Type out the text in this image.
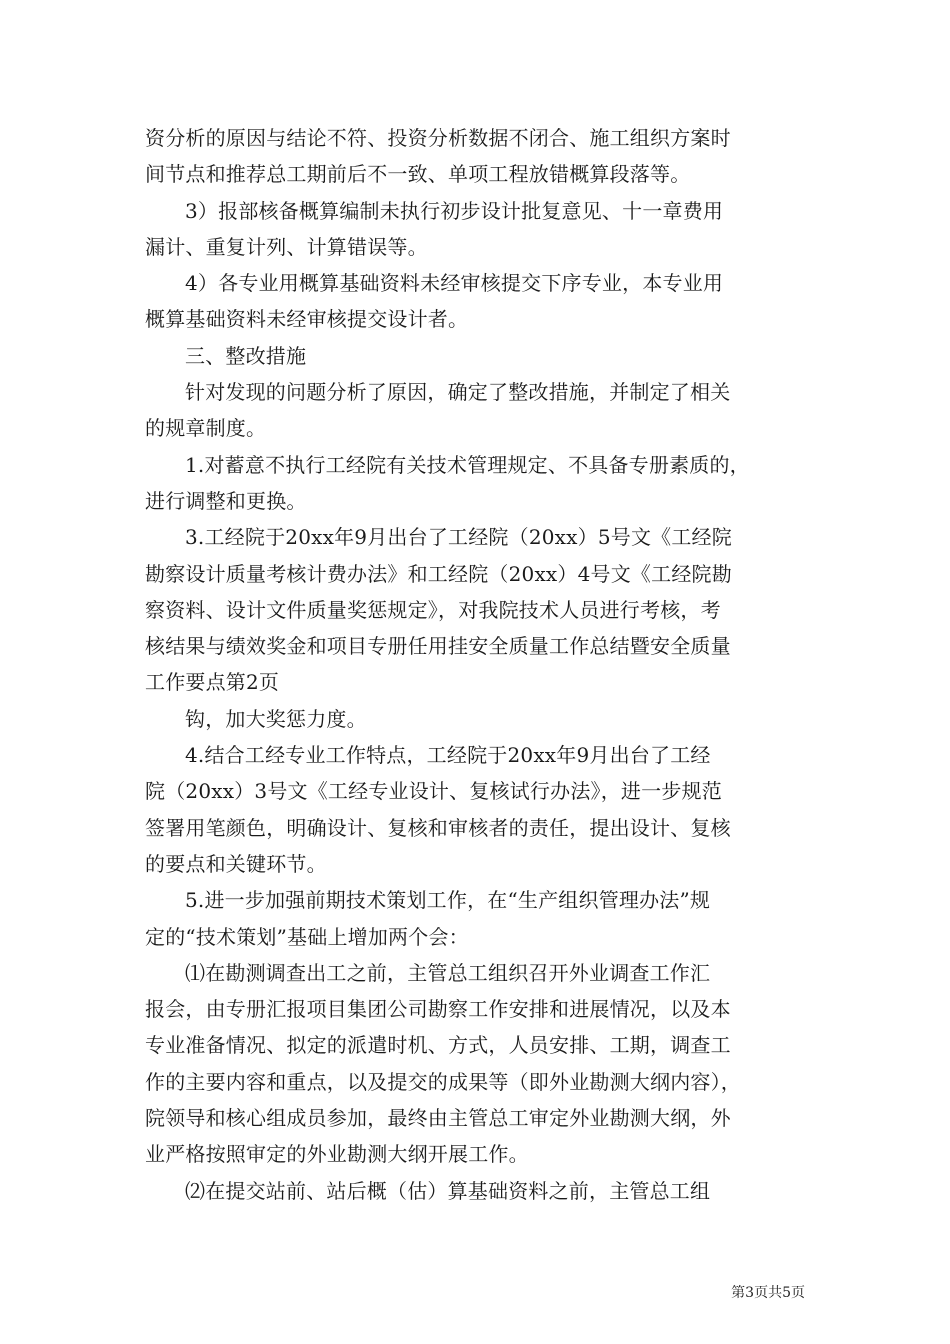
资分析的原因与结论不符、投资分析数据不闭合、施工组织方案时
间节点和推荐总工期前后不一致、单项工程放错概算段落等。

3）报部核备概算编制未执行初步设计批复意见、十一章费用
漏计、重复计列、计算错误等。

4）各专业用概算基础资料未经审核提交下序专业，本专业用
概算基础资料未经审核提交设计者。

三、整改措施

针对发现的问题分析了原因，确定了整改措施，并制定了相关
的规章制度。

1.对蓄意不执行工经院有关技术管理规定、不具备专册素质的，
进行调整和更换。

3.工经院于20xx年9月出台了工经院（20xx）5号文《工经院
勘察设计质量考核计费办法》和工经院（20xx）4号文《工经院勘
察资料、设计文件质量奖惩规定》，对我院技术人员进行考核，考
核结果与绩效奖金和项目专册任用挂安全质量工作总结暨安全质量
工作要点第2页

钩，加大奖惩力度。

4.结合工经专业工作特点，工经院于20xx年9月出台了工经
院（20xx）3号文《工经专业设计、复核试行办法》，进一步规范
签署用笔颜色，明确设计、复核和审核者的责任，提出设计、复核
的要点和关键环节。

5.进一步加强前期技术策划工作，在“生产组织管理办法”规
定的“技术策划”基础上增加两个会：

⑴在勘测调查出工之前，主管总工组织召开外业调查工作汇
报会，由专册汇报项目集团公司勘察工作安排和进展情况，以及本
专业准备情况、拟定的派遣时机、方式，人员安排、工期，调查工
作的主要内容和重点，以及提交的成果等（即外业勘测大纲内容），
院领导和核心组成员参加，最终由主管总工审定外业勘测大纲，外
业严格按照审定的外业勘测大纲开展工作。

⑵在提交站前、站后概（估）算基础资料之前，主管总工组

第3页共5页
